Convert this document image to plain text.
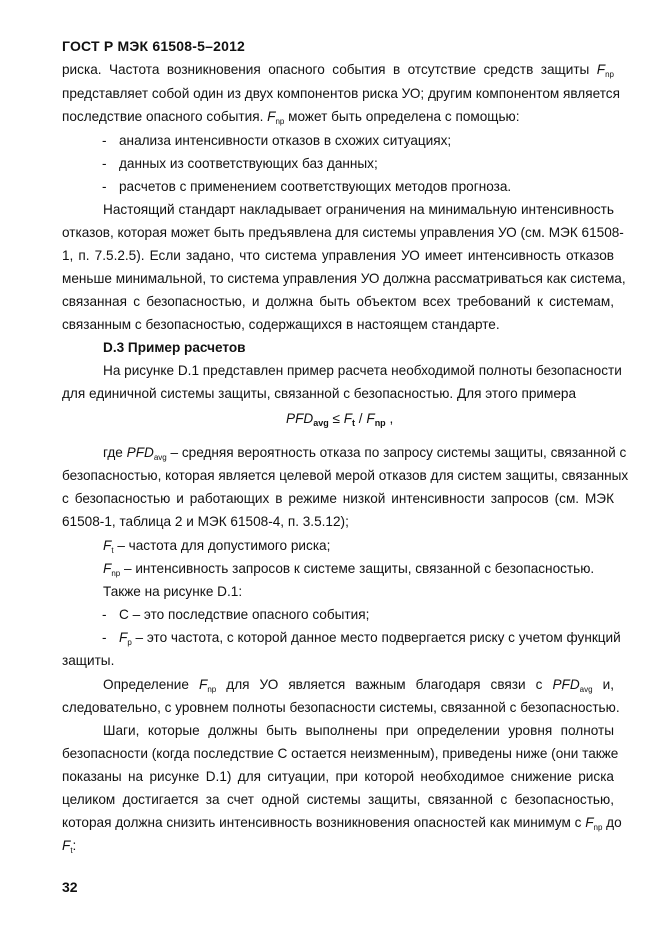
ГОСТ Р МЭК 61508-5–2012
риска. Частота возникновения опасного события в отсутствие средств защиты $F_{np}$
представляет собой один из двух компонентов риска УО; другим компонентом является
последствие опасного события. $F_{np}$ может быть определена с помощью:
- анализа интенсивности отказов в схожих ситуациях;
- данных из соответствующих баз данных;
- расчетов с применением соответствующих методов прогноза.
Настоящий стандарт накладывает ограничения на минимальную интенсивность
отказов, которая может быть предъявлена для системы управления УО (см. МЭК 61508-
1, п. 7.5.2.5). Если задано, что система управления УО имеет интенсивность отказов
меньше минимальной, то система управления УО должна рассматриваться как система,
связанная с безопасностью, и должна быть объектом всех требований к системам,
связанным с безопасностью, содержащихся в настоящем стандарте.
D.3 Пример расчетов
На рисунке D.1 представлен пример расчета необходимой полноты безопасности
для единичной системы защиты, связанной с безопасностью. Для этого примера
$PFD_{avg} \le F_t / F_{np}$ ,
где $PFD_{avg}$ – средняя вероятность отказа по запросу системы защиты, связанной с
безопасностью, которая является целевой мерой отказов для систем защиты, связанных
с безопасностью и работающих в режиме низкой интенсивности запросов (см. МЭК
61508-1, таблица 2 и МЭК 61508-4, п. 3.5.12);
$F_t$ – частота для допустимого риска;
$F_{np}$ – интенсивность запросов к системе защиты, связанной с безопасностью.
Также на рисунке D.1:
- С – это последствие опасного события;
- $F_p$ – это частота, с которой данное место подвергается риску с учетом функций
защиты.
Определение $F_{np}$ для УО является важным благодаря связи с $PFD_{avg}$ и,
следовательно, с уровнем полноты безопасности системы, связанной с безопасностью.
Шаги, которые должны быть выполнены при определении уровня полноты
безопасности (когда последствие С остается неизменным), приведены ниже (они также
показаны на рисунке D.1) для ситуации, при которой необходимое снижение риска
целиком достигается за счет одной системы защиты, связанной с безопасностью,
которая должна снизить интенсивность возникновения опасностей как минимум с $F_{np}$ до
$F_t$:
32
